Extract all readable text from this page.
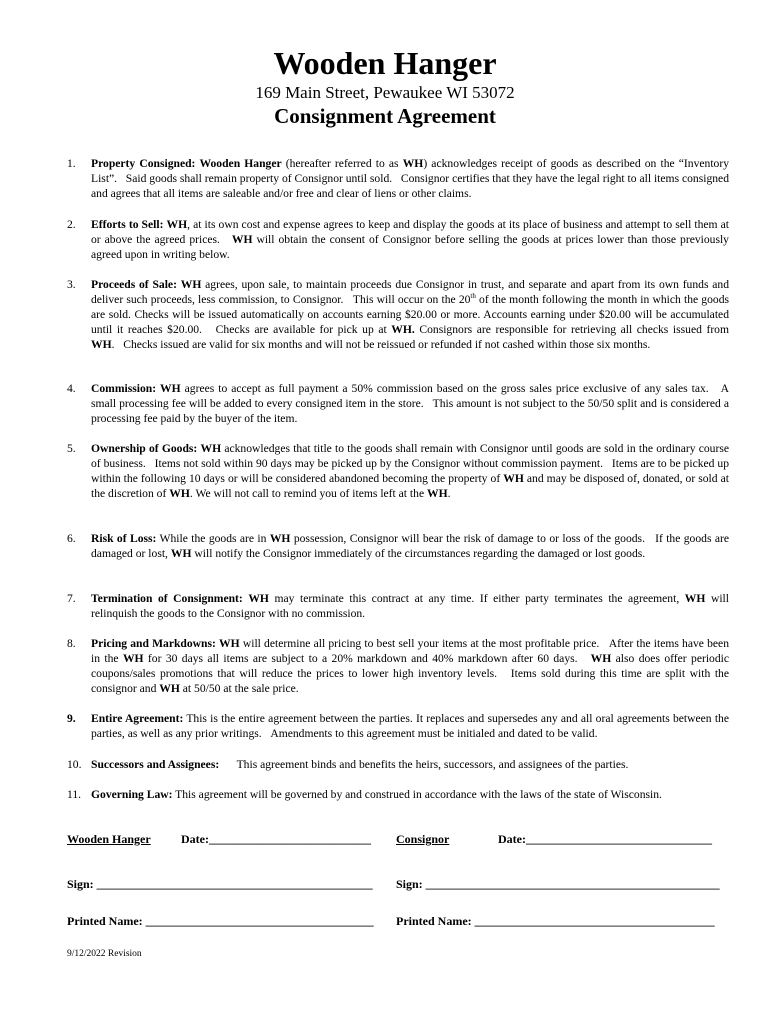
Wooden Hanger
169 Main Street, Pewaukee WI 53072
Consignment Agreement
1. Property Consigned: Wooden Hanger (hereafter referred to as WH) acknowledges receipt of goods as described on the “Inventory List”.   Said goods shall remain property of Consignor until sold.   Consignor certifies that they have the legal right to all items consigned and agrees that all items are saleable and/or free and clear of liens or other claims.
2. Efforts to Sell: WH, at its own cost and expense agrees to keep and display the goods at its place of business and attempt to sell them at or above the agreed prices.   WH will obtain the consent of Consignor before selling the goods at prices lower than those previously agreed upon in writing below.
3. Proceeds of Sale: WH agrees, upon sale, to maintain proceeds due Consignor in trust, and separate and apart from its own funds and deliver such proceeds, less commission, to Consignor.   This will occur on the 20th of the month following the month in which the goods are sold. Checks will be issued automatically on accounts earning $20.00 or more. Accounts earning under $20.00 will be accumulated until it reaches $20.00.   Checks are available for pick up at WH. Consignors are responsible for retrieving all checks issued from WH.   Checks issued are valid for six months and will not be reissued or refunded if not cashed within those six months.
4. Commission: WH agrees to accept as full payment a 50% commission based on the gross sales price exclusive of any sales tax.   A small processing fee will be added to every consigned item in the store.   This amount is not subject to the 50/50 split and is considered a processing fee paid by the buyer of the item.
5. Ownership of Goods: WH acknowledges that title to the goods shall remain with Consignor until goods are sold in the ordinary course of business.   Items not sold within 90 days may be picked up by the Consignor without commission payment.   Items are to be picked up within the following 10 days or will be considered abandoned becoming the property of WH and may be disposed of, donated, or sold at the discretion of WH. We will not call to remind you of items left at the WH.
6. Risk of Loss: While the goods are in WH possession, Consignor will bear the risk of damage to or loss of the goods.   If the goods are damaged or lost, WH will notify the Consignor immediately of the circumstances regarding the damaged or lost goods.
7. Termination of Consignment: WH may terminate this contract at any time. If either party terminates the agreement, WH will relinquish the goods to the Consignor with no commission.
8. Pricing and Markdowns: WH will determine all pricing to best sell your items at the most profitable price.   After the items have been in the WH for 30 days all items are subject to a 20% markdown and 40% markdown after 60 days.   WH also does offer periodic coupons/sales promotions that will reduce the prices to lower high inventory levels.   Items sold during this time are split with the consignor and WH at 50/50 at the sale price.
9. Entire Agreement: This is the entire agreement between the parties. It replaces and supersedes any and all oral agreements between the parties, as well as any prior writings.   Amendments to this agreement must be initialed and dated to be valid.
10. Successors and Assignees:      This agreement binds and benefits the heirs, successors, and assignees of the parties.
11. Governing Law: This agreement will be governed by and construed in accordance with the laws of the state of Wisconsin.
Wooden Hanger	Date:___________________________ Consignor	Date:_______________________________
Sign: ______________________________________________ Sign: _________________________________________________
Printed Name: ______________________________________ Printed Name: ________________________________________
9/12/2022 Revision
